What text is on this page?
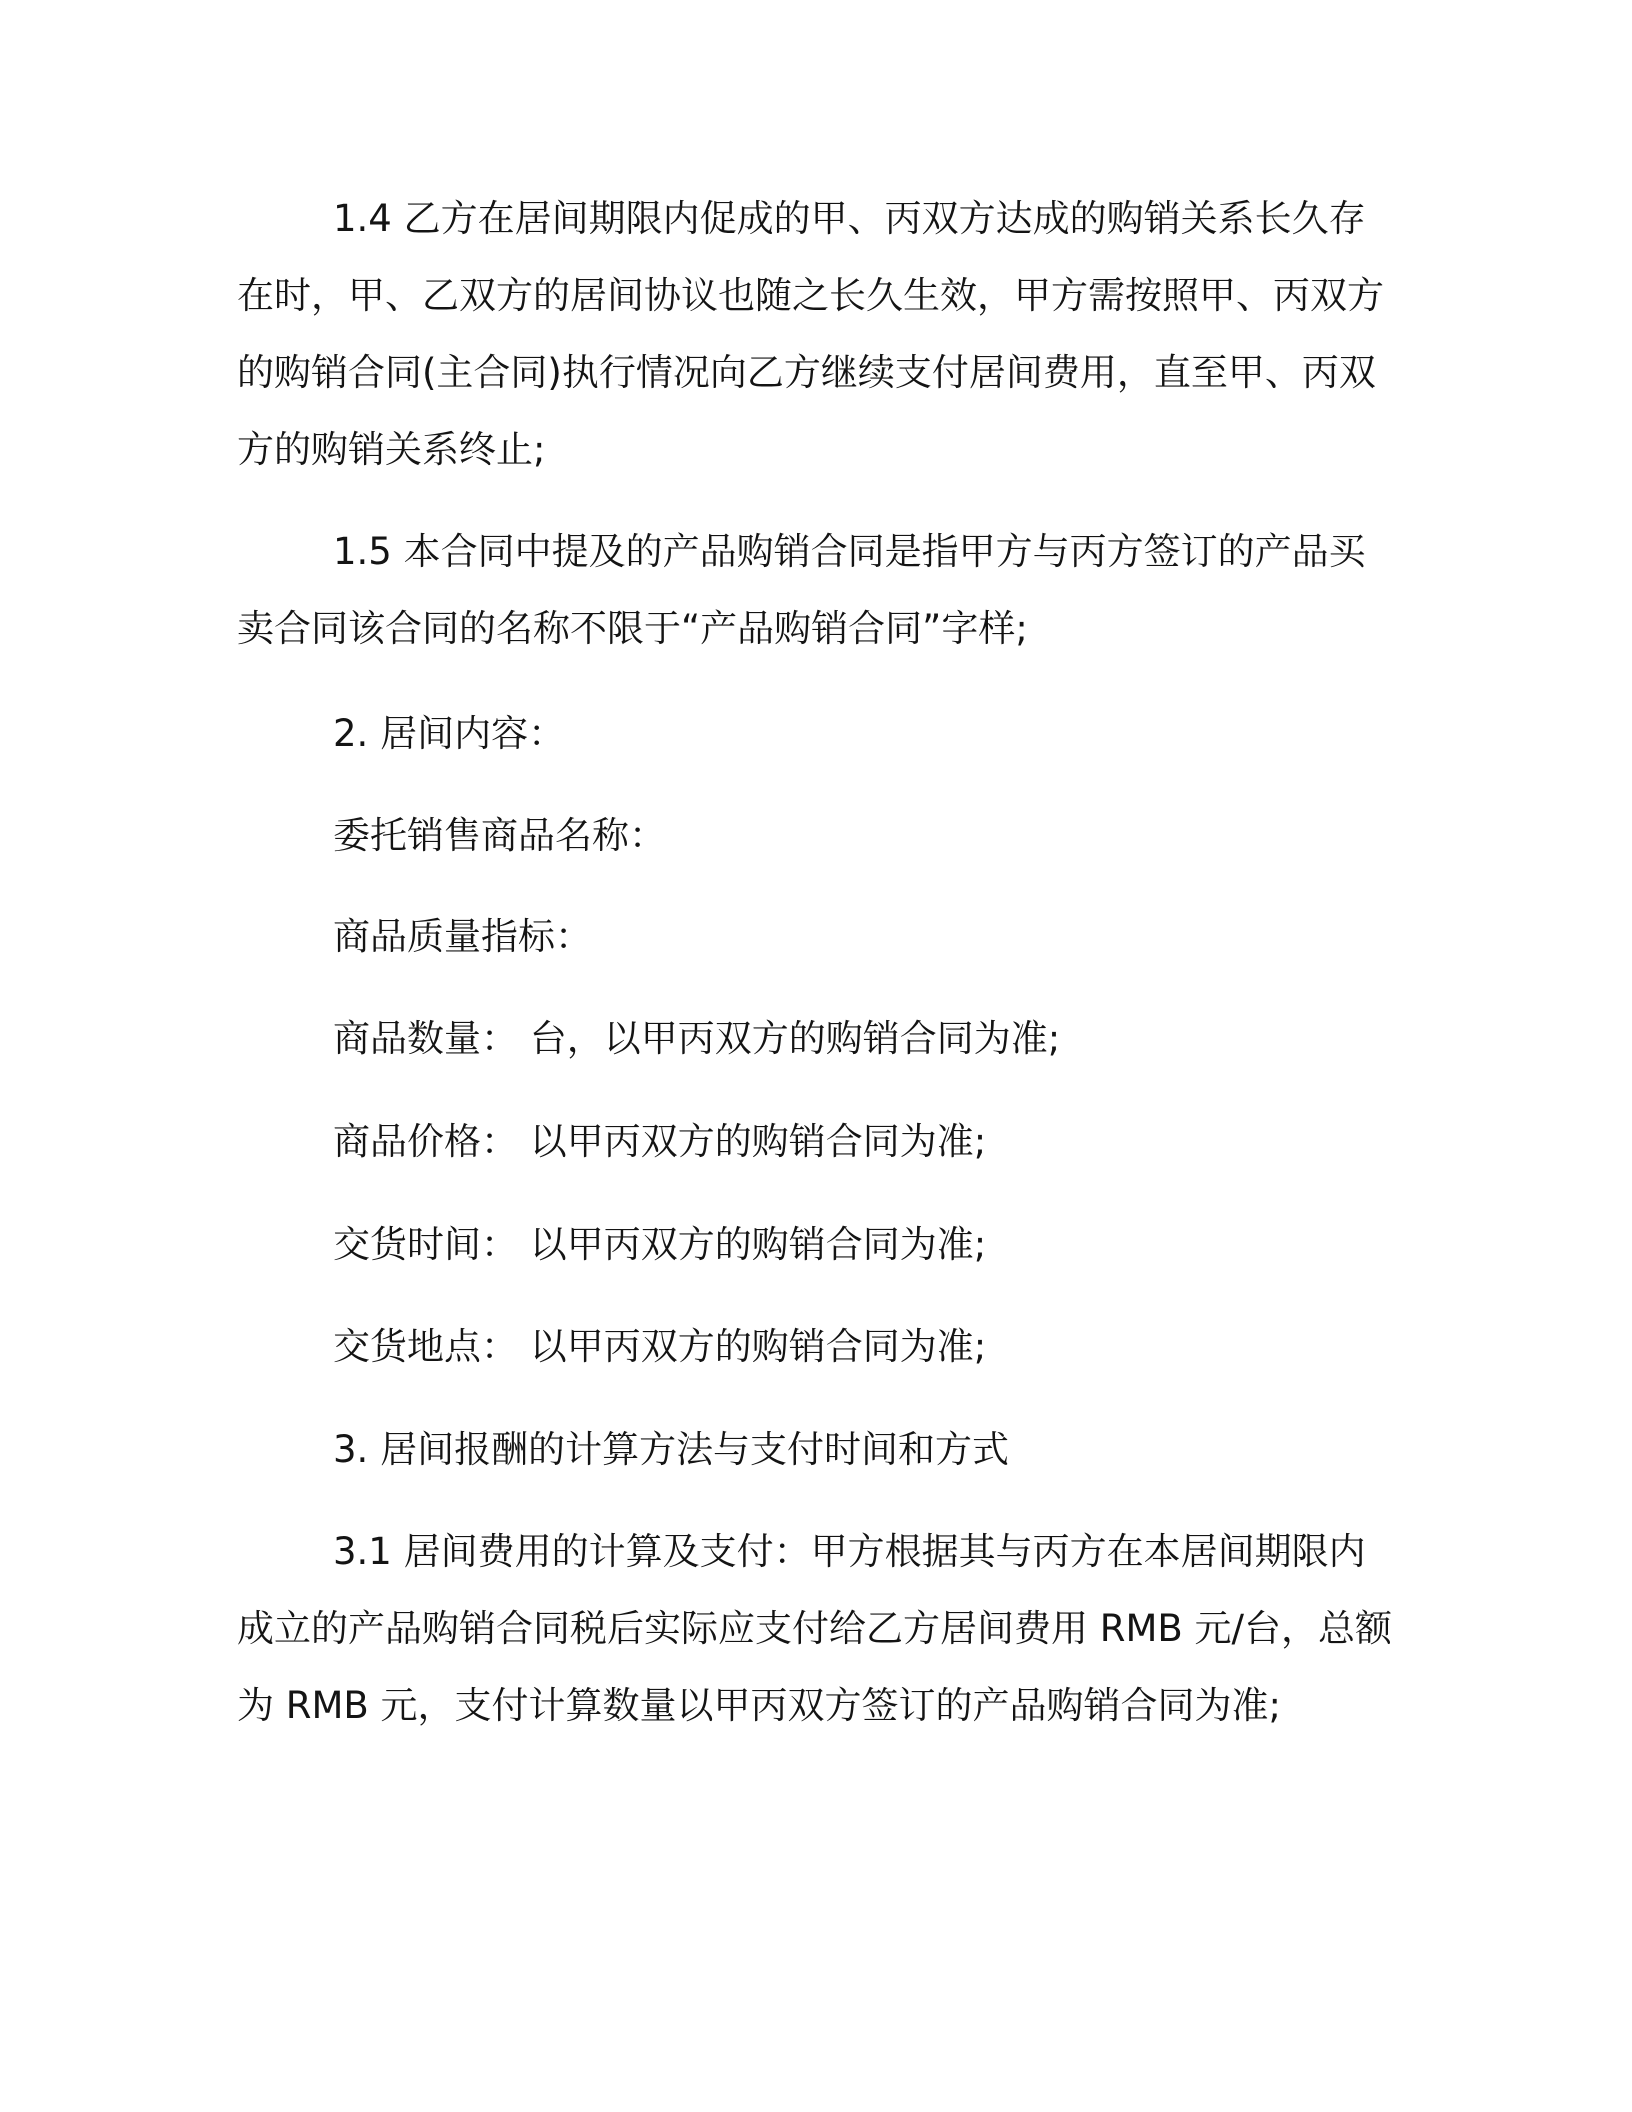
1.4 乙方在居间期限内促成的甲、丙双方达成的购销关系长久存在时，甲、乙双方的居间协议也随之长久生效，甲方需按照甲、丙双方的购销合同(主合同)执行情况向乙方继续支付居间费用，直至甲、丙双方的购销关系终止;

1.5 本合同中提及的产品购销合同是指甲方与丙方签订的产品买卖合同该合同的名称不限于“产品购销合同”字样;

2. 居间内容：

委托销售商品名称：

商品质量指标：

商品数量： 台，以甲丙双方的购销合同为准;

商品价格： 以甲丙双方的购销合同为准;

交货时间： 以甲丙双方的购销合同为准;

交货地点： 以甲丙双方的购销合同为准;

3. 居间报酬的计算方法与支付时间和方式

3.1 居间费用的计算及支付：甲方根据其与丙方在本居间期限内成立的产品购销合同税后实际应支付给乙方居间费用 RMB 元/台，总额为 RMB 元，支付计算数量以甲丙双方签订的产品购销合同为准;
